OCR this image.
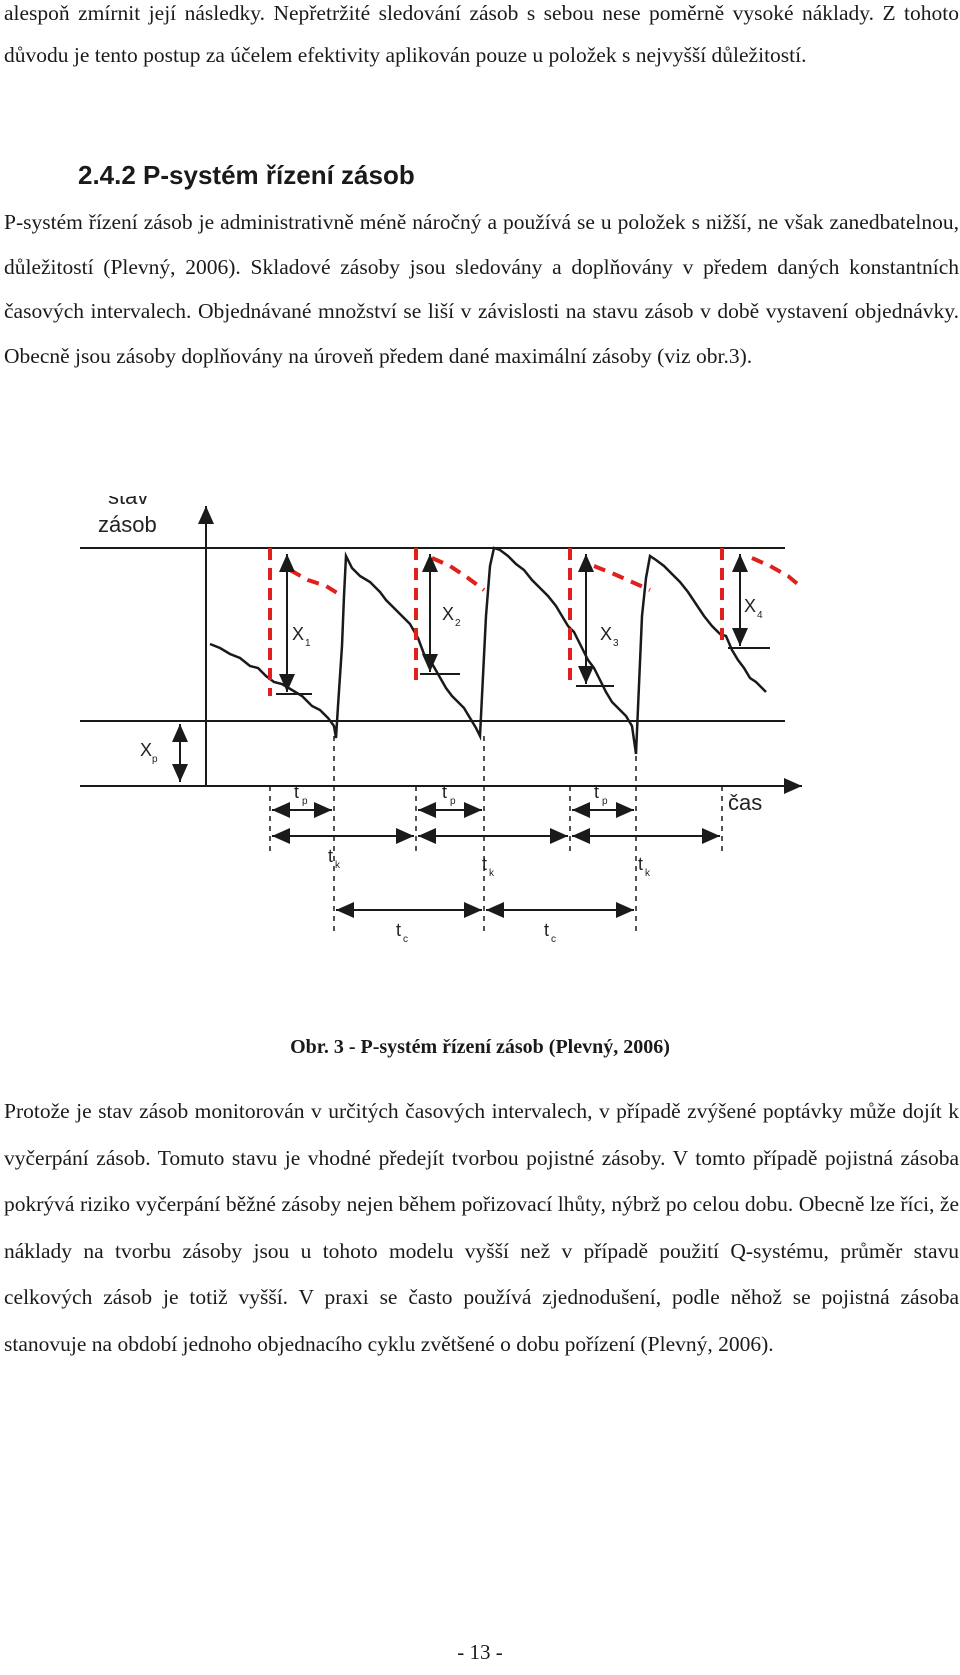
alespoň zmírnit její následky. Nepřetržité sledování zásob s sebou nese poměrně vysoké náklady. Z tohoto důvodu je tento postup za účelem efektivity aplikován pouze u položek s nejvyšší důležitostí.

2.4.2 P-systém řízení zásob

P-systém řízení zásob je administrativně méně náročný a používá se u položek s nižší, ne však zanedbatelnou, důležitostí (Plevný, 2006). Skladové zásoby jsou sledovány a doplňovány v předem daných konstantních časových intervalech. Objednávané množství se liší v závislosti na stavu zásob v době vystavení objednávky. Obecně jsou zásoby doplňovány na úroveň předem dané maximální zásoby (viz obr.3).

stav
zásob
čas
X p
X 1
X 2
X 3
X 4
t p	t p	t p
t k	t k	t k
t c	t c
Obr. 3 - P-systém řízení zásob (Plevný, 2006)

Protože je stav zásob monitorován v určitých časových intervalech, v případě zvýšené poptávky může dojít k vyčerpání zásob. Tomuto stavu je vhodné předejít tvorbou pojistné zásoby. V tomto případě pojistná zásoba pokrývá riziko vyčerpání běžné zásoby nejen během pořizovací lhůty, nýbrž po celou dobu. Obecně lze říci, že náklady na tvorbu zásoby jsou u tohoto modelu vyšší než v případě použití Q-systému, průměr stavu celkových zásob je totiž vyšší. V praxi se často používá zjednodušení, podle něhož se pojistná zásoba stanovuje na období jednoho objednacího cyklu zvětšené o dobu pořízení (Plevný, 2006).

- 13 -
